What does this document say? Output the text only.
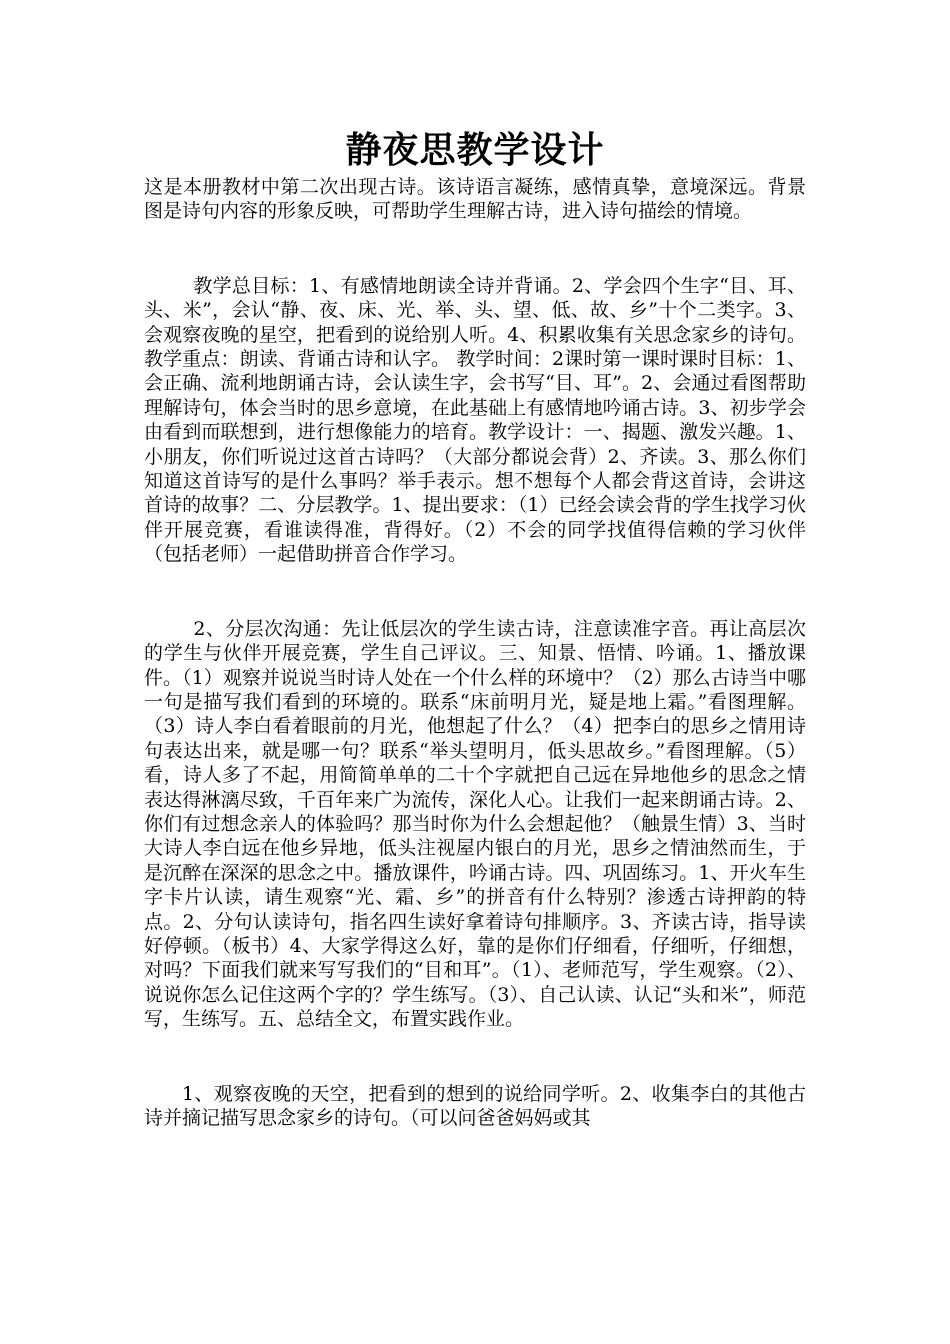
静夜思教学设计

这是本册教材中第二次出现古诗。该诗语言凝练，感情真挚，意境深远。背景图是诗句内容的形象反映，可帮助学生理解古诗，进入诗句描绘的情境。

教学总目标：1、有感情地朗读全诗并背诵。2、学会四个生字“目、耳、头、米”，会认“静、夜、床、光、举、头、望、低、故、乡”十个二类字。3、会观察夜晚的星空，把看到的说给别人听。4、积累收集有关思念家乡的诗句。教学重点：朗读、背诵古诗和认字。 教学时间：2课时第一课时课时目标：1、会正确、流利地朗诵古诗，会认读生字，会书写“目、耳”。2、会通过看图帮助理解诗句，体会当时的思乡意境，在此基础上有感情地吟诵古诗。3、初步学会由看到而联想到，进行想像能力的培育。教学设计：一、揭题、激发兴趣。1、小朋友，你们听说过这首古诗吗？（大部分都说会背）2、齐读。3、那么你们知道这首诗写的是什么事吗？举手表示。想不想每个人都会背这首诗，会讲这首诗的故事？二、分层教学。1、提出要求：（1）已经会读会背的学生找学习伙伴开展竞赛，看谁读得准，背得好。（2）不会的同学找值得信赖的学习伙伴（包括老师）一起借助拼音合作学习。

2、分层次沟通：先让低层次的学生读古诗，注意读准字音。再让高层次的学生与伙伴开展竞赛，学生自己评议。三、知景、悟情、吟诵。1、播放课件。（1）观察并说说当时诗人处在一个什么样的环境中？（2）那么古诗当中哪一句是描写我们看到的环境的。联系“床前明月光，疑是地上霜。”看图理解。（3）诗人李白看着眼前的月光，他想起了什么？（4）把李白的思乡之情用诗句表达出来，就是哪一句？联系“举头望明月，低头思故乡。”看图理解。（5）看，诗人多了不起，用简简单单的二十个字就把自己远在异地他乡的思念之情表达得淋漓尽致，千百年来广为流传，深化人心。让我们一起来朗诵古诗。2、你们有过想念亲人的体验吗？那当时你为什么会想起他？（触景生情）3、当时大诗人李白远在他乡异地，低头注视屋内银白的月光，思乡之情油然而生，于是沉醉在深深的思念之中。播放课件，吟诵古诗。四、巩固练习。1、开火车生字卡片认读，请生观察“光、霜、乡”的拼音有什么特别？渗透古诗押韵的特点。2、分句认读诗句，指名四生读好拿着诗句排顺序。3、齐读古诗，指导读好停顿。（板书）4、大家学得这么好，靠的是你们仔细看，仔细听，仔细想，对吗？下面我们就来写写我们的“目和耳”。（1）、老师范写，学生观察。（2）、说说你怎么记住这两个字的？学生练写。（3）、自己认读、认记“头和米”，师范写，生练写。五、总结全文，布置实践作业。

1、观察夜晚的天空，把看到的想到的说给同学听。2、收集李白的其他古诗并摘记描写思念家乡的诗句。（可以问爸爸妈妈或其
